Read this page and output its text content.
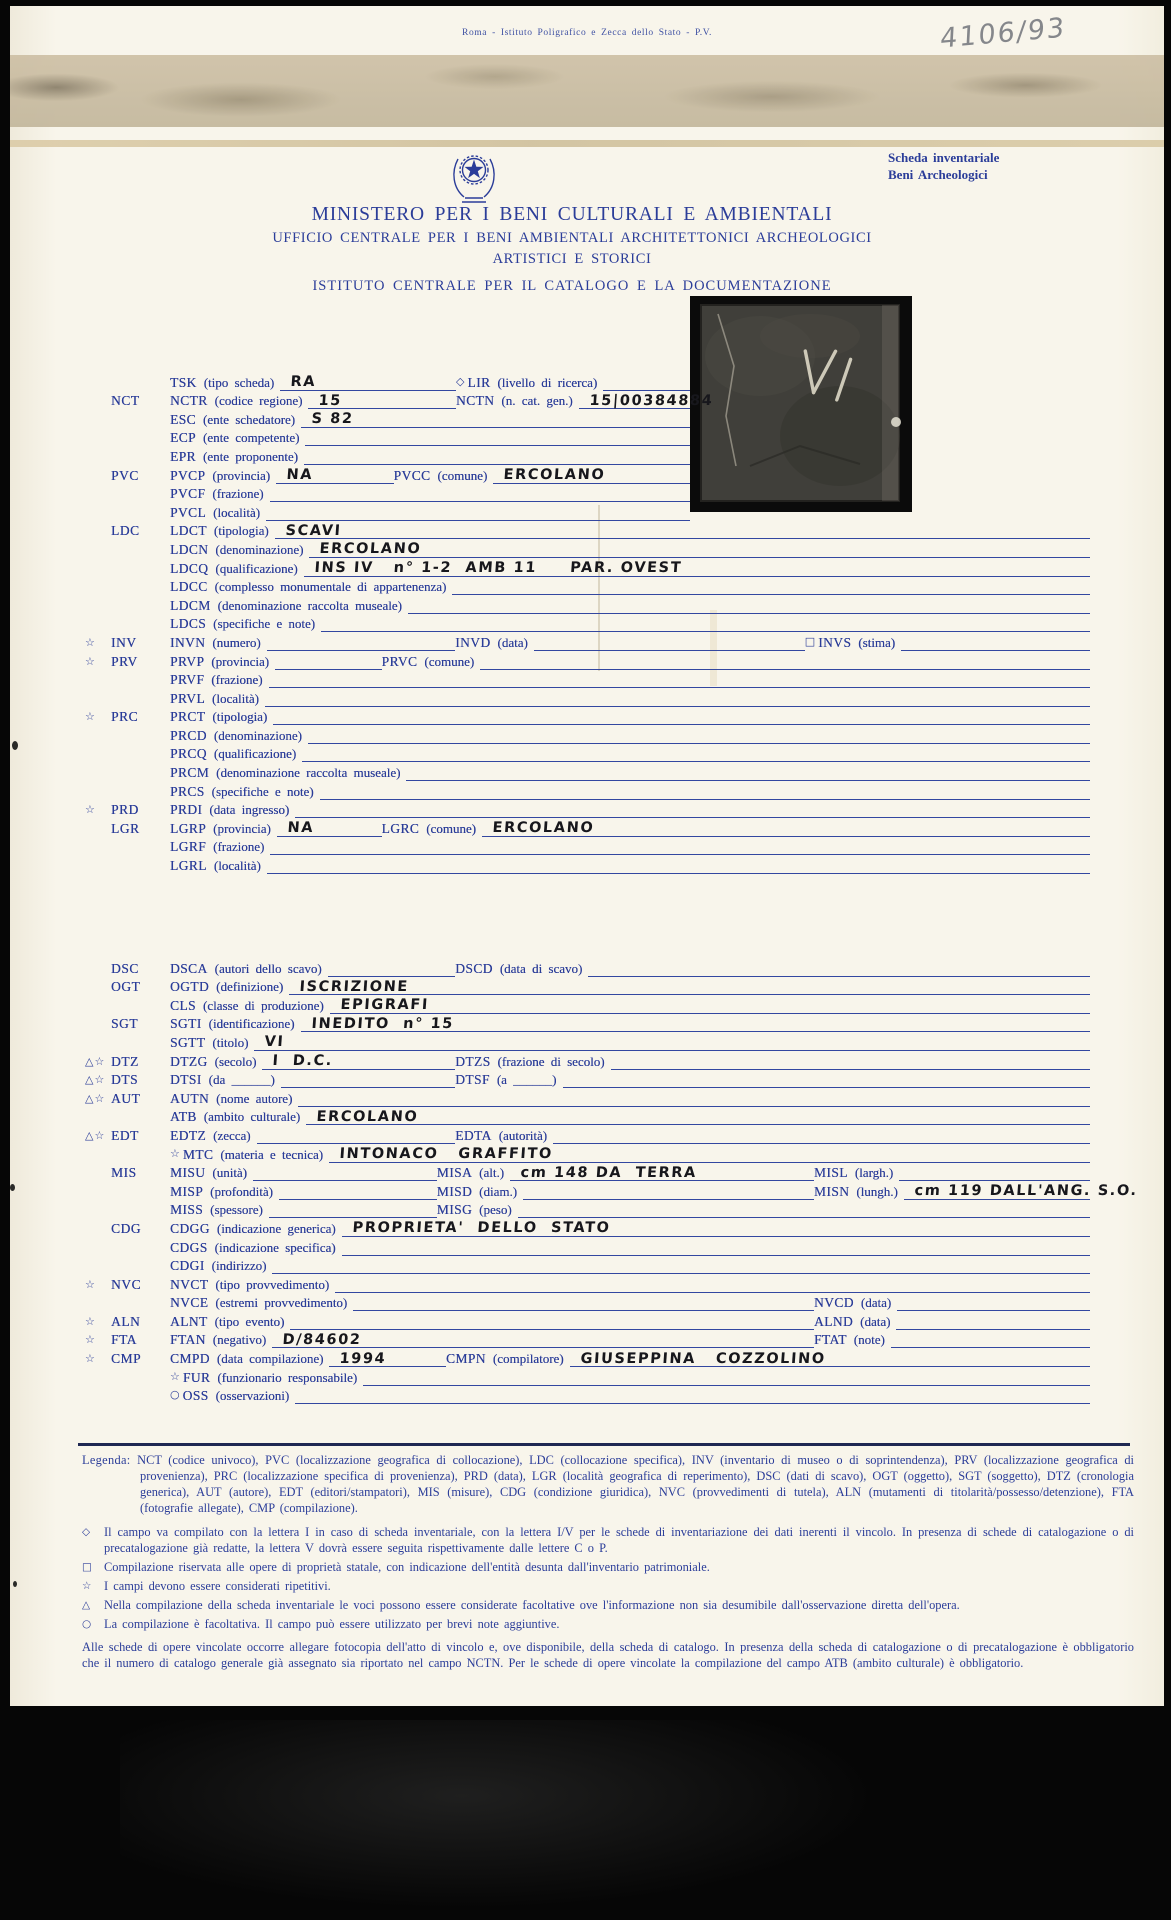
Roma - Istituto Poligrafico e Zecca dello Stato - P.V.	4106/93
Scheda inventariale
Beni Archeologici
MINISTERO PER I BENI CULTURALI E AMBIENTALI
UFFICIO CENTRALE PER I BENI AMBIENTALI ARCHITETTONICI ARCHEOLOGICI
ARTISTICI E STORICI
ISTITUTO CENTRALE PER IL CATALOGO E LA DOCUMENTAZIONE
TSK (tipo scheda) RA	◇ LIR (livello di ricerca)
NCT	NCTR (codice regione) 15	NCTN (n. cat. gen.) 15|00384884
ESC (ente schedatore) S 82
ECP (ente competente)
EPR (ente proponente)
PVC	PVCP (provincia) NA	PVCC (comune) ERCOLANO
PVCF (frazione)
PVCL (località)
LDC	LDCT (tipologia) SCAVI
LDCN (denominazione) ERCOLANO
LDCQ (qualificazione) INS IV   n° 1-2  AMB 11     PAR. OVEST
LDCC (complesso monumentale di appartenenza)
LDCM (denominazione raccolta museale)
LDCS (specifiche e note)
☆	INV	INVN (numero)	INVD (data)	□ INVS (stima)
☆	PRV	PRVP (provincia)	PRVC (comune)
PRVF (frazione)
PRVL (località)
☆	PRC	PRCT (tipologia)
PRCD (denominazione)
PRCQ (qualificazione)
PRCM (denominazione raccolta museale)
PRCS (specifiche e note)
☆	PRD	PRDI (data ingresso)
LGR	LGRP (provincia) NA	LGRC (comune) ERCOLANO
LGRF (frazione)
LGRL (località)
DSC	DSCA (autori dello scavo)	DSCD (data di scavo)
OGT	OGTD (definizione) ISCRIZIONE
CLS (classe di produzione) EPIGRAFI
SGT	SGTI (identificazione) INEDITO  n° 15
SGTT (titolo) VI
△☆ DTZ	DTZG (secolo) I  D.C.	DTZS (frazione di secolo)
△☆ DTS	DTSI (da ______)	DTSF (a ______)
△☆ AUT	AUTN (nome autore)
ATB (ambito culturale) ERCOLANO
△☆ EDT	EDTZ (zecca)	EDTA (autorità)
☆ MTC (materia e tecnica) INTONACO   GRAFFITO
MIS	MISU (unità)	MISA (alt.) cm 148 DA  TERRA	MISL (largh.)
MISP (profondità)	MISD (diam.)	MISN (lungh.) cm 119 DALL'ANG. S.O.
MISS (spessore)	MISG (peso)
CDG	CDGG (indicazione generica) PROPRIETA'  DELLO  STATO
CDGS (indicazione specifica)
CDGI (indirizzo)
☆	NVC	NVCT (tipo provvedimento)
NVCE (estremi provvedimento)	NVCD (data)
☆	ALN	ALNT (tipo evento)	ALND (data)
☆	FTA	FTAN (negativo) D/84602	FTAT (note)
☆	CMP	CMPD (data compilazione) 1994	CMPN (compilatore) GIUSEPPINA   COZZOLINO
☆ FUR (funzionario responsabile)
○ OSS (osservazioni)

Legenda: NCT (codice univoco), PVC (localizzazione geografica di collocazione), LDC (collocazione specifica), INV (inventario di museo o di soprintendenza), PRV (localizzazione geografica di provenienza), PRC (localizzazione specifica di provenienza), PRD (data), LGR (località geografica di reperimento), DSC (dati di scavo), OGT (oggetto), SGT (soggetto), DTZ (cronologia generica), AUT (autore), EDT (editori/stampatori), MIS (misure), CDG (condizione giuridica), NVC (provvedimenti di tutela), ALN (mutamenti di titolarità/possesso/detenzione), FTA (fotografie allegate), CMP (compilazione).

◇	Il campo va compilato con la lettera I in caso di scheda inventariale, con la lettera I/V per le schede di inventariazione dei dati inerenti il vincolo. In presenza di schede di catalogazione o di precatalogazione già redatte, la lettera V dovrà essere seguita rispettivamente dalle lettere C o P.

□ Compilazione riservata alle opere di proprietà statale, con indicazione dell'entità desunta dall'inventario patrimoniale.

☆	I campi devono essere considerati ripetitivi.

△	Nella compilazione della scheda inventariale le voci possono essere considerate facoltative ove l'informazione non sia desumibile dall'osservazione diretta dell'opera.

○	La compilazione è facoltativa. Il campo può essere utilizzato per brevi note aggiuntive.

Alle schede di opere vincolate occorre allegare fotocopia dell'atto di vincolo e, ove disponibile, della scheda di catalogo. In presenza della scheda di catalogazione o di precatalogazione è obbligatorio che il numero di catalogo generale già assegnato sia riportato nel campo NCTN. Per le schede di opere vincolate la compilazione del campo ATB (ambito culturale) è obbligatorio.
